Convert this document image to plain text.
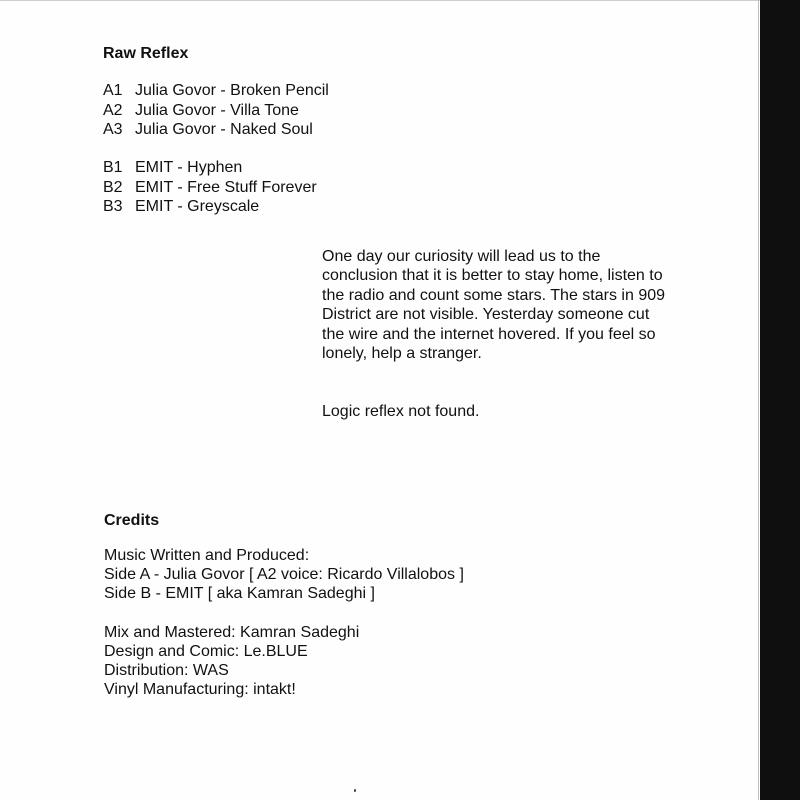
Raw Reflex
A1 Julia Govor - Broken Pencil
A2 Julia Govor - Villa Tone
A3 Julia Govor - Naked Soul
B1 EMIT - Hyphen
B2 EMIT - Free Stuff Forever
B3 EMIT - Greyscale

One day our curiosity will lead us to the conclusion that it is better to stay home, listen to the radio and count some stars. The stars in 909 District are not visible. Yesterday someone cut the wire and the internet hovered. If you feel so lonely, help a stranger.

Logic reflex not found.

Credits
Music Written and Produced:
Side A - Julia Govor [ A2 voice: Ricardo Villalobos ]
Side B - EMIT [ aka Kamran Sadeghi ]
Mix and Mastered: Kamran Sadeghi
Design and Comic: Le.BLUE
Distribution: WAS
Vinyl Manufacturing: intakt!
